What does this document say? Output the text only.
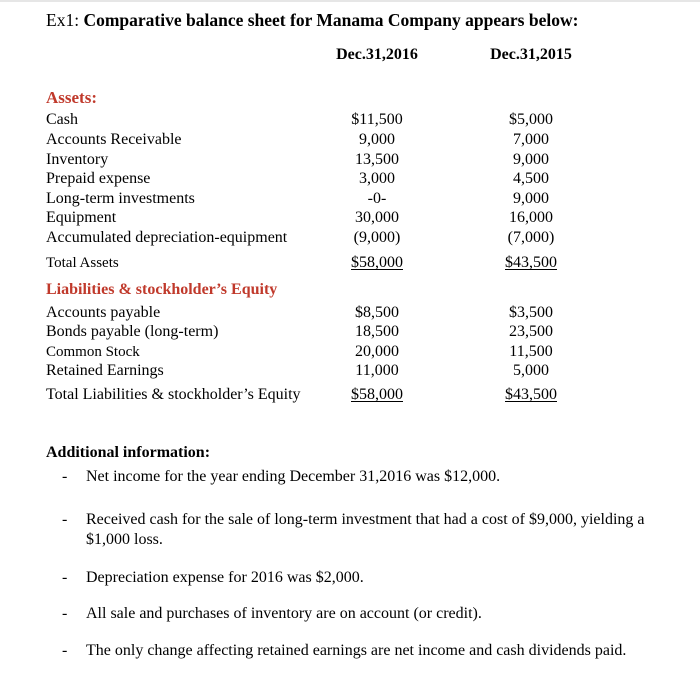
Ex1: Comparative balance sheet for Manama Company appears below:
Dec.31,2016	Dec.31,2015
Assets:
Cash	$11,500	$5,000
Accounts Receivable	9,000	7,000
Inventory	13,500	9,000
Prepaid expense	3,000	4,500
Long-term investments	-0-	9,000
Equipment	30,000	16,000
Accumulated depreciation-equipment	(9,000)	(7,000)
Total Assets	$58,000	$43,500
Liabilities & stockholder’s Equity
Accounts payable	$8,500	$3,500
Bonds payable (long-term)	18,500	23,500
Common Stock	20,000	11,500
Retained Earnings	11,000	5,000
Total Liabilities & stockholder’s Equity	$58,000	$43,500
Additional information:
- Net income for the year ending December 31,2016 was $12,000.
- Received cash for the sale of long-term investment that had a cost of $9,000, yielding a $1,000 loss.
- Depreciation expense for 2016 was $2,000.
- All sale and purchases of inventory are on account (or credit).
- The only change affecting retained earnings are net income and cash dividends paid.
